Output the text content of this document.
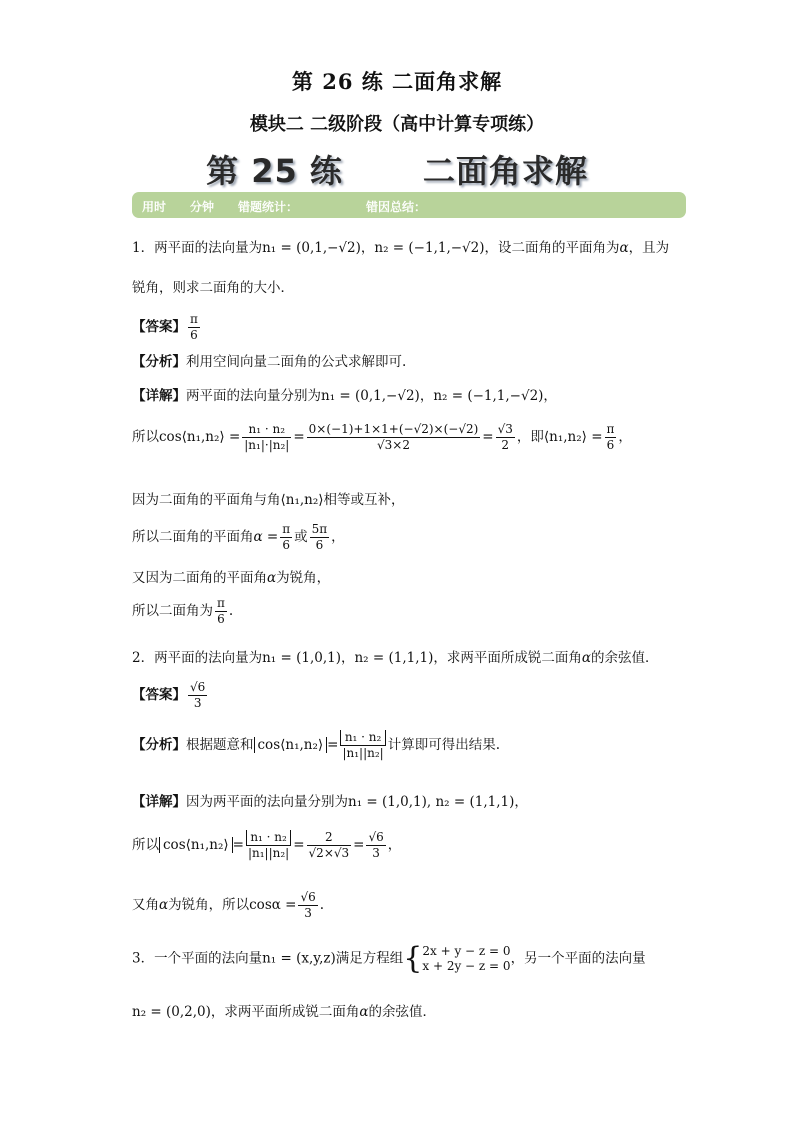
第 26 练 二面角求解
模块二 二级阶段（高中计算专项练）
第 25 练	二面角求解
用时 分钟 错题统计：	错因总结：
1．两平面的法向量为n₁ = (0,1,−√2)，n₂ = (−1,1,−√2)，设二面角的平面角为α，且为
锐角，则求二面角的大小．
【答案】 $\frac{\pi}{6}$
【分析】利用空间向量二面角的公式求解即可.
【详解】两平面的法向量分别为n₁ = (0,1,−√2)，n₂ = (−1,1,−√2)，
所以cos⟨n₁,n₂⟩ = $\frac{\text{n₁ · n₂}}{\text{|n₁|·|n₂|}} = \frac{0\times(-1)+1\times 1+(-√2)\times(-√2)}{√3\times 2} = \frac{√3}{2}$ ，即⟨n₁,n₂⟩ = $\frac{\pi}{6}$ ，
因为二面角的平面角与角⟨n₁,n₂⟩相等或互补，
所以二面角的平面角$\alpha = \frac{\pi}{6}$ 或 $\frac{5\pi}{6}$ ，
又因为二面角的平面角α为锐角，
所以二面角为 $\frac{\pi}{6}$ .
2．两平面的法向量为n₁ = (1,0,1)，n₂ = (1,1,1)，求两平面所成锐二面角α的余弦值．
【答案】 $\frac{√6}{3}$
【分析】根据题意和 cos⟨n₁,n₂⟩ = $\frac{\text{n₁ · n₂}}{\text{|n₁||n₂|}}$ 计算即可得出结果.
【详解】因为两平面的法向量分别为n₁ = (1,0,1), n₂ = (1,1,1)，
所以 cos⟨n₁,n₂⟩ = $\frac{\text{n₁ · n₂}}{\text{|n₁||n₂|}} = \frac{2}{√2\times√3} = \frac{√6}{3}$ ，
又角α为锐角，所以$\cos\alpha = \frac{√6}{3}$ .
3．一个平面的法向量n₁ = (x,y,z)满足方程组{ 2x + y − z = 0
x + 2y − z = 0 ，另一个平面的法向量
n₂ = (0,2,0)，求两平面所成锐二面角α的余弦值．
